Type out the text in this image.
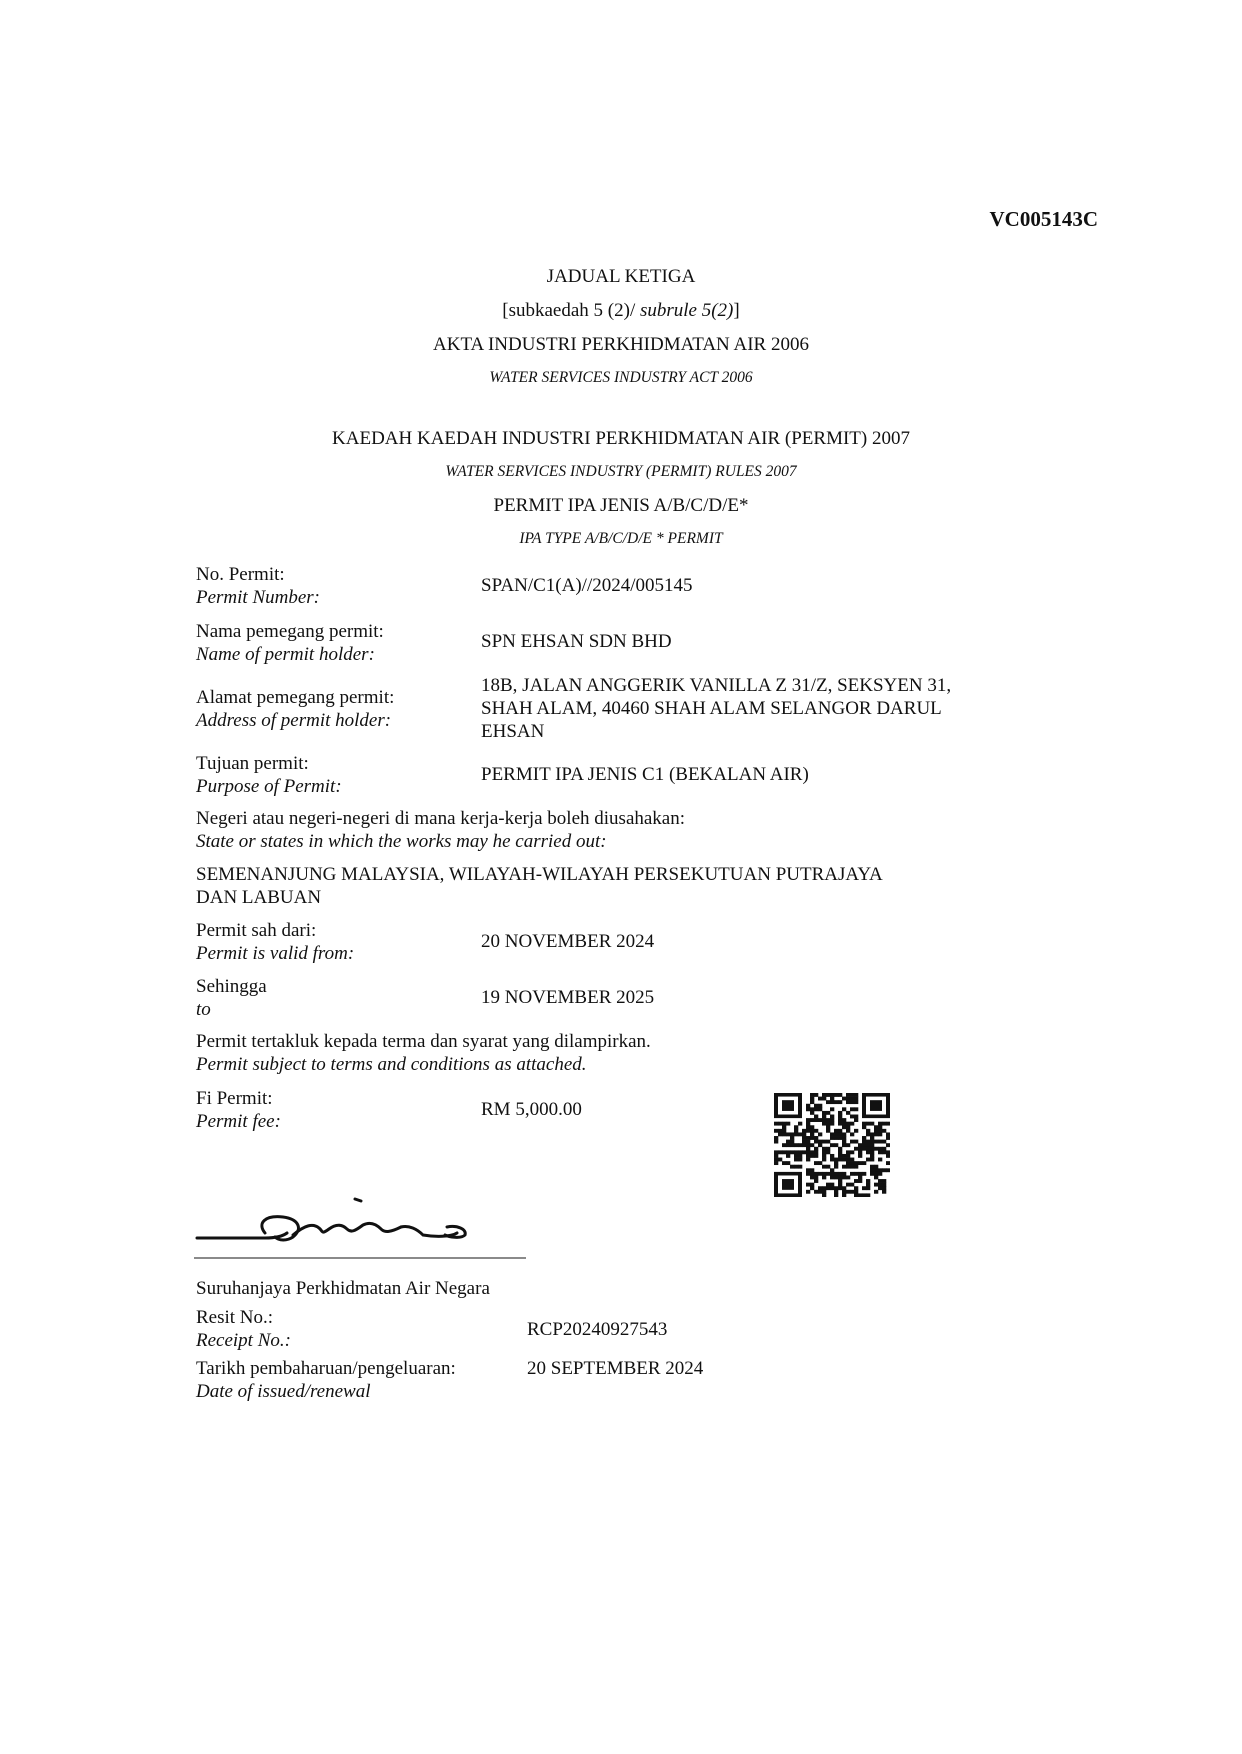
VC005143C
JADUAL KETIGA
[subkaedah 5 (2)/ subrule 5(2)]
AKTA INDUSTRI PERKHIDMATAN AIR 2006
WATER SERVICES INDUSTRY ACT 2006
KAEDAH KAEDAH INDUSTRI PERKHIDMATAN AIR (PERMIT) 2007
WATER SERVICES INDUSTRY (PERMIT) RULES 2007
PERMIT IPA JENIS A/B/C/D/E*
IPA TYPE A/B/C/D/E * PERMIT
No. Permit:
Permit Number:
SPAN/C1(A)//2024/005145
Nama pemegang permit:
Name of permit holder:
SPN EHSAN SDN BHD
Alamat pemegang permit:
Address of permit holder:
18B, JALAN ANGGERIK VANILLA Z 31/Z, SEKSYEN 31,
SHAH ALAM, 40460 SHAH ALAM SELANGOR DARUL
EHSAN
Tujuan permit:
Purpose of Permit:
PERMIT IPA JENIS C1 (BEKALAN AIR)
Negeri atau negeri-negeri di mana kerja-kerja boleh diusahakan:
State or states in which the works may he carried out:
SEMENANJUNG MALAYSIA, WILAYAH-WILAYAH PERSEKUTUAN PUTRAJAYA
DAN LABUAN
Permit sah dari:
Permit is valid from:
20 NOVEMBER 2024
Sehingga
to
19 NOVEMBER 2025
Permit tertakluk kepada terma dan syarat yang dilampirkan.
Permit subject to terms and conditions as attached.
Fi Permit:
Permit fee:
RM 5,000.00
Suruhanjaya Perkhidmatan Air Negara
Resit No.:
Receipt No.:
RCP20240927543
Tarikh pembaharuan/pengeluaran:
Date of issued/renewal
20 SEPTEMBER 2024
